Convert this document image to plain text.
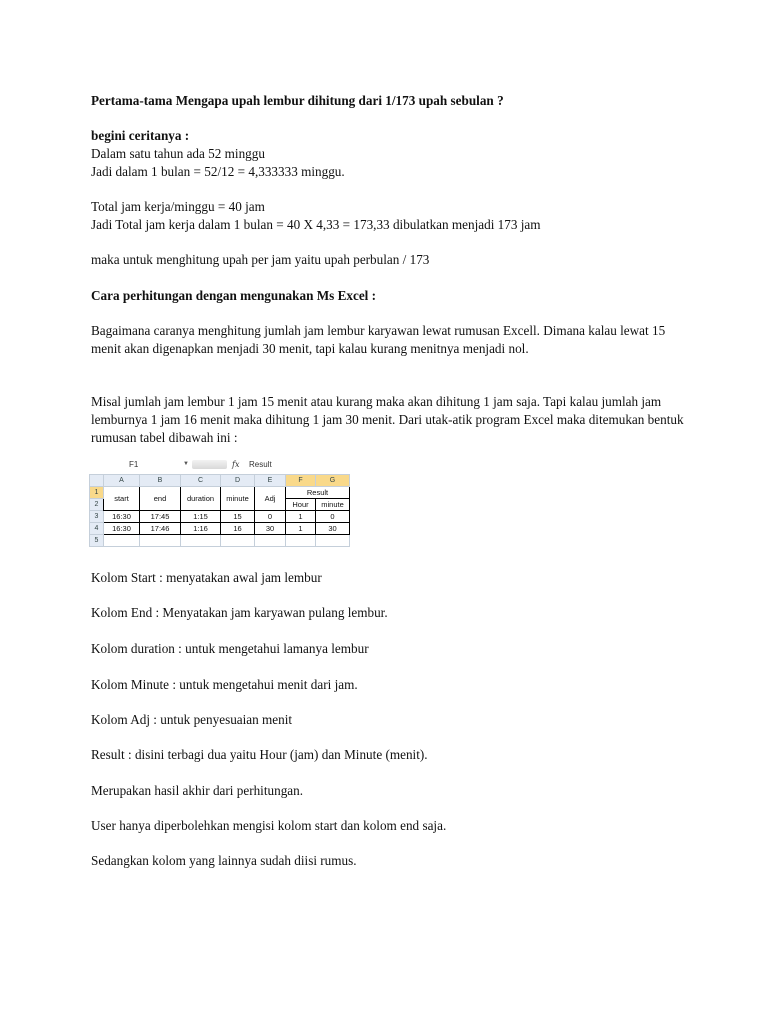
Pertama-tama Mengapa upah lembur dihitung dari 1/173 upah sebulan ?

begini ceritanya :

Dalam satu tahun ada 52 minggu

Jadi dalam 1 bulan = 52/12 = 4,333333 minggu.

Total jam kerja/minggu = 40 jam

Jadi Total jam kerja dalam 1 bulan = 40 X 4,33 = 173,33 dibulatkan menjadi 173 jam

maka untuk menghitung upah per jam yaitu upah perbulan / 173

Cara perhitungan dengan mengunakan Ms Excel :

Bagaimana caranya menghitung jumlah jam lembur karyawan lewat rumusan Excell. Dimana kalau lewat 15 menit akan digenapkan menjadi 30 menit, tapi kalau kurang menitnya menjadi nol.

Misal jumlah jam lembur 1 jam 15 menit atau kurang maka akan dihitung 1 jam saja. Tapi kalau jumlah jam lemburnya 1 jam 16 menit maka dihitung 1 jam 30 menit. Dari utak-atik program Excel maka ditemukan bentuk rumusan tabel dibawah ini :

F1	▼	fx Result
	A	B	C	D	E	F	G
1	start	end	duration	minute	Adj	Result	
2						Hour	minute
3	16:30	17:45	1:15	15	0	1	0
4	16:30	17:46	1:16	16	30	1	30
5							

Kolom Start : menyatakan awal jam lembur

Kolom End : Menyatakan jam karyawan pulang lembur.

Kolom duration : untuk mengetahui lamanya lembur

Kolom Minute : untuk mengetahui menit dari jam.

Kolom Adj : untuk penyesuaian menit

Result : disini terbagi dua yaitu Hour (jam) dan Minute (menit).

Merupakan hasil akhir dari perhitungan.

User hanya diperbolehkan mengisi kolom start dan kolom end saja.

Sedangkan kolom yang lainnya sudah diisi rumus.
